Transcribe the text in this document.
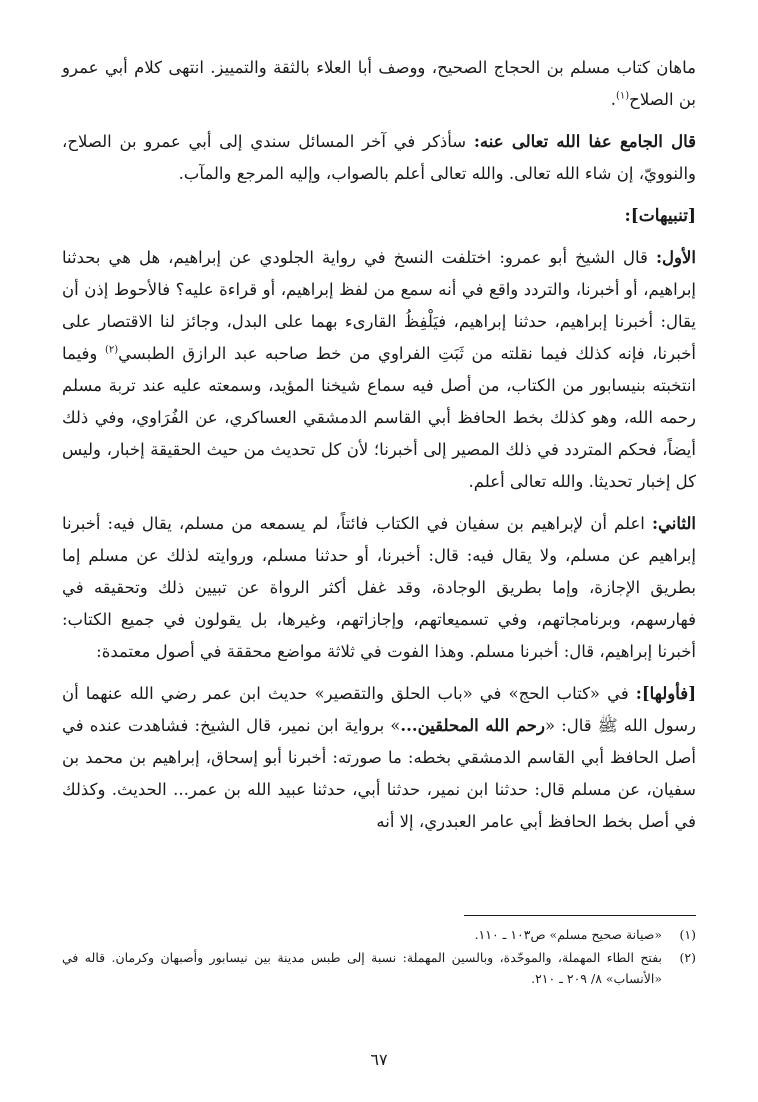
ماهان كتاب مسلم بن الحجاج الصحيح، ووصف أبا العلاء بالثقة والتمييز. انتهى كلام أبي عمرو بن الصلاح$^{(١)}$.

قال الجامع عفا الله تعالى عنه: سأذكر في آخر المسائل سندي إلى أبي عمرو بن الصلاح، والنوويّ، إن شاء الله تعالى. والله تعالى أعلم بالصواب، وإليه المرجع والمآب.

[تنبيهات]:

الأول: قال الشيخ أبو عمرو: اختلفت النسخ في رواية الجلودي عن إبراهيم، هل هي بحدثنا إبراهيم، أو أخبرنا، والتردد واقع في أنه سمع من لفظ إبراهيم، أو قراءة عليه؟ فالأحوط إذن أن يقال: أخبرنا إبراهيم، حدثنا إبراهيم، فيَلْفِظُ القارىء بهما على البدل، وجائز لنا الاقتصار على أخبرنا، فإنه كذلك فيما نقلته من ثَبَتِ الفراوي من خط صاحبه عبد الرازق الطبسي$^{(٢)}$ وفيما انتخبته بنيسابور من الكتاب، من أصل فيه سماع شيخنا المؤيد، وسمعته عليه عند تربة مسلم رحمه الله، وهو كذلك بخط الحافظ أبي القاسم الدمشقي العساكري، عن الفُرَاوي، وفي ذلك أيضاً، فحكم المتردد في ذلك المصير إلى أخبرنا؛ لأن كل تحديث من حيث الحقيقة إخبار، وليس كل إخبار تحديثا. والله تعالى أعلم.

الثاني: اعلم أن لإبراهيم بن سفيان في الكتاب فائتاً، لم يسمعه من مسلم، يقال فيه: أخبرنا إبراهيم عن مسلم، ولا يقال فيه: قال: أخبرنا، أو حدثنا مسلم، وروايته لذلك عن مسلم إما بطريق الإجازة، وإما بطريق الوجادة، وقد غفل أكثر الرواة عن تبيين ذلك وتحقيقه في فهارسهم، وبرنامجاتهم، وفي تسميعاتهم، وإجازاتهم، وغيرها، بل يقولون في جميع الكتاب: أخبرنا إبراهيم، قال: أخبرنا مسلم. وهذا الفوت في ثلاثة مواضع محققة في أصول معتمدة:

[فأولها]: في «كتاب الحج» في «باب الحلق والتقصير» حديث ابن عمر رضي الله عنهما أن رسول الله ﷺ قال: «رحم الله المحلقين...» برواية ابن نمير، قال الشيخ: فشاهدت عنده في أصل الحافظ أبي القاسم الدمشقي بخطه: ما صورته: أخبرنا أبو إسحاق، إبراهيم بن محمد بن سفيان، عن مسلم قال: حدثنا ابن نمير، حدثنا أبي، حدثنا عبيد الله بن عمر... الحديث. وكذلك في أصل بخط الحافظ أبي عامر العبدري، إلا أنه

(١)
«صيانة صحيح مسلم» ص١٠٣ ـ ١١٠.
(٢)
بفتح الطاء المهملة، والموحّدة، وبالسين المهملة: نسبة إلى طبس مدينة بين نيسابور وأصبهان وكرمان. قاله في «الأنساب» ٨/ ٢٠٩ ـ ٢١٠.
٦٧
